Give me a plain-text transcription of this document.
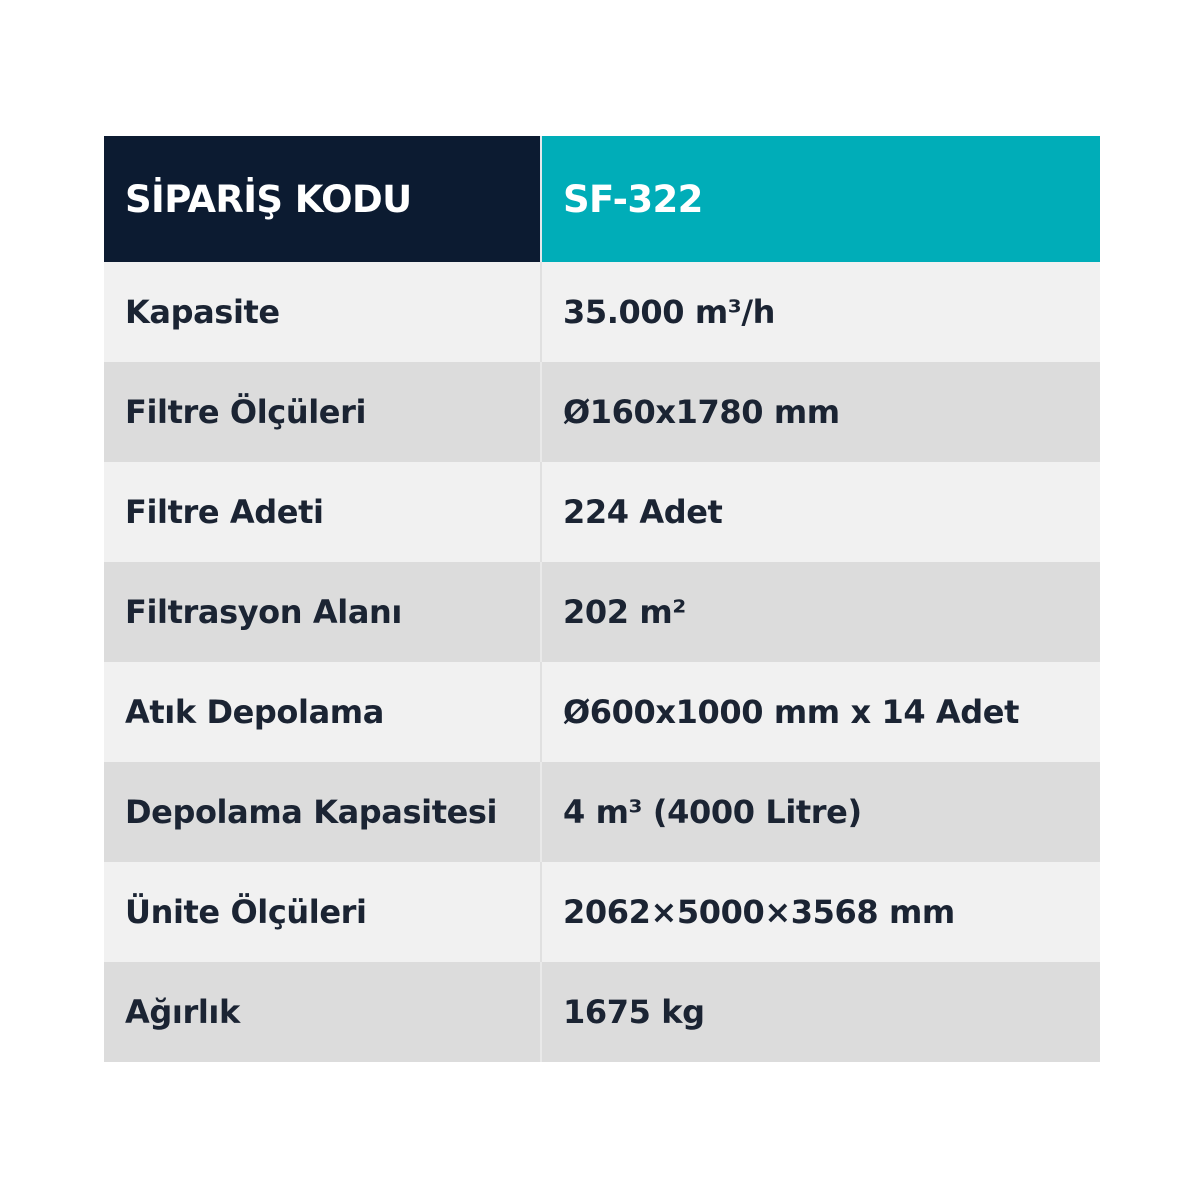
SİPARİŞ KODU	SF-322
Kapasite	35.000 m³/h
Filtre Ölçüleri	Ø160x1780 mm
Filtre Adeti	224 Adet
Filtrasyon Alanı	202 m²
Atık Depolama	Ø600x1000 mm x 14 Adet
Depolama Kapasitesi	4 m³ (4000 Litre)
Ünite Ölçüleri	2062×5000×3568 mm
Ağırlık	1675 kg
